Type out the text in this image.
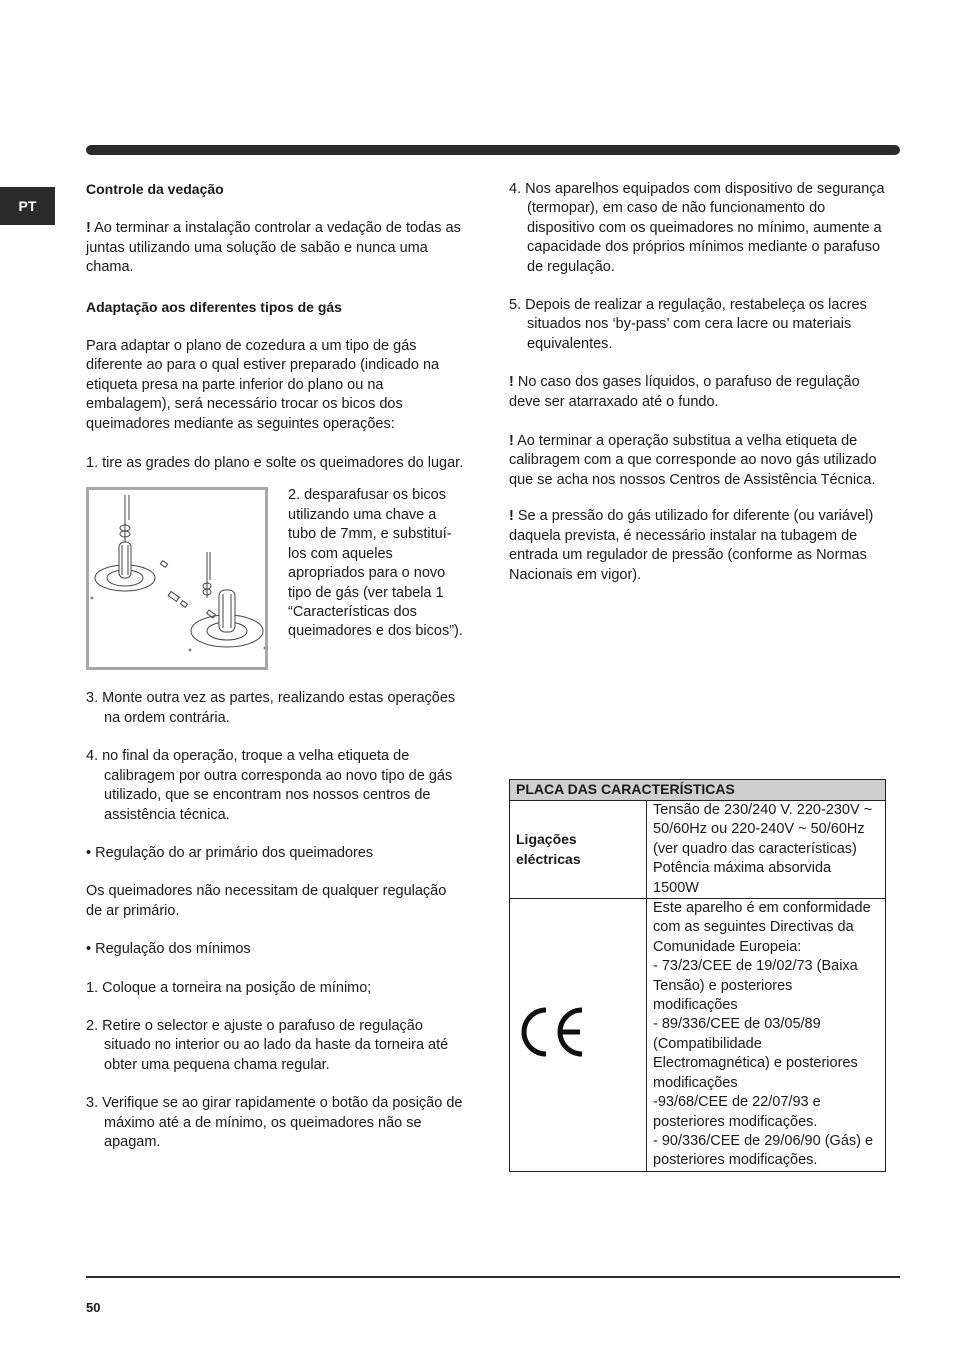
PT

Controle da vedação

! Ao terminar a instalação controlar a vedação de todas as juntas utilizando uma solução de sabão e nunca uma chama.

Adaptação aos diferentes tipos de gás

Para adaptar o plano de cozedura a um tipo de gás diferente ao para o qual estiver preparado (indicado na etiqueta presa na parte inferior do plano ou na embalagem), será necessário trocar os bicos dos queimadores mediante as seguintes operações:

1. tire as grades do plano e solte os queimadores do lugar.

2. desparafusar os bicos utilizando uma chave a tubo de 7mm, e substituí-los com aqueles apropriados para o novo tipo de gás (ver tabela 1 “Características dos queimadores e dos bicos”).

3. Monte outra vez as partes, realizando estas operações na ordem contrária.

4. no final da operação, troque a velha etiqueta de calibragem por outra corresponda ao novo tipo de gás utilizado, que se encontram nos nossos centros de assistência técnica.

• Regulação do ar primário dos queimadores

Os queimadores não necessitam de qualquer regulação de ar primário.

• Regulação dos mínimos

1. Coloque a torneira na posição de mínimo;

2. Retire o selector e ajuste o parafuso de regulação situado no interior ou ao lado da haste da torneira até obter uma pequena chama regular.

3. Verifique se ao girar rapidamente o botão da posição de máximo até a de mínimo, os queimadores não se apagam.

4. Nos aparelhos equipados com dispositivo de segurança (termopar), em caso de não funcionamento do dispositivo com os queimadores no mínimo, aumente a capacidade dos próprios mínimos mediante o parafuso de regulação.

5. Depois de realizar a regulação, restabeleça os lacres situados nos ‘by-pass’ com cera lacre ou materiais equivalentes.

! No caso dos gases líquidos, o parafuso de regulação deve ser atarraxado até o fundo.

! Ao terminar a operação substitua a velha etiqueta de calibragem com a que corresponde ao novo gás utilizado que se acha nos nossos Centros de Assistência Técnica.

! Se a pressão do gás utilizado for diferente (ou variável) daquela prevista, é necessário instalar na tubagem de entrada um regulador de pressão (conforme as Normas Nacionais em vigor).

PLACA DAS CARACTERÍSTICAS	
Ligações eléctricas	Tensão de 230/240 V. 220-230V ~ 50/60Hz ou 220-240V ~ 50/60Hz (ver quadro das características)
Potência máxima absorvida 1500W

Este aparelho é em conformidade com as seguintes Directivas da Comunidade Europeia:
- 73/23/CEE de 19/02/73 (Baixa Tensão) e posteriores modificações
- 89/336/CEE de 03/05/89 (Compatibilidade Electromagnética) e posteriores modificações
-93/68/CEE de 22/07/93 e posteriores modificações.
- 90/336/CEE de 29/06/90 (Gás) e posteriores modificações.
50
